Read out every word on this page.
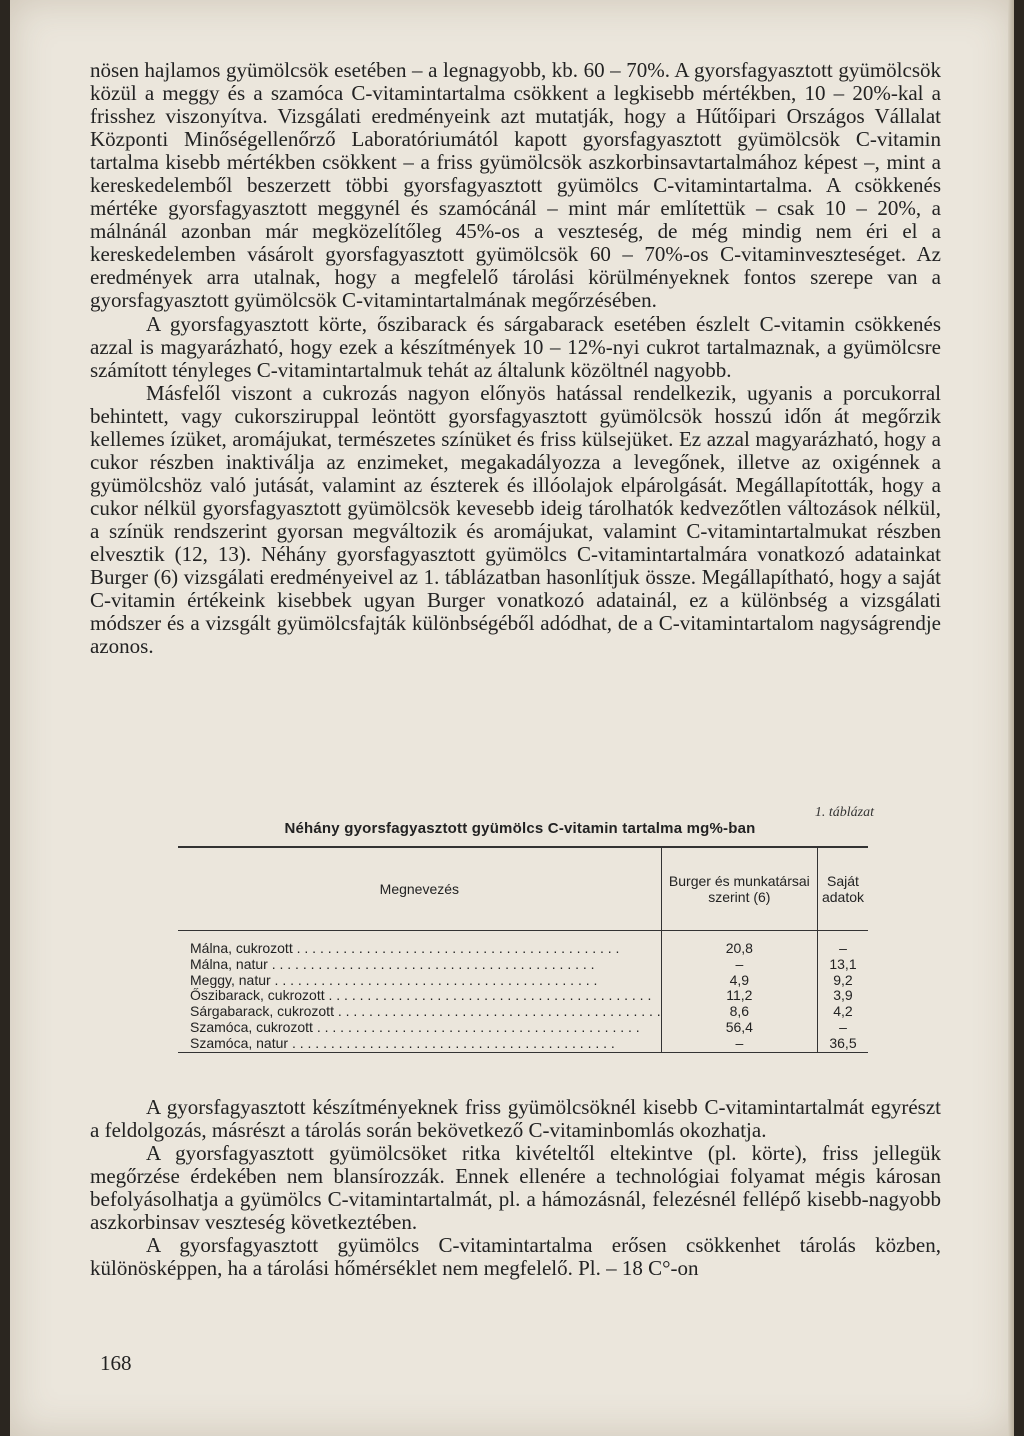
nösen hajlamos gyümölcsök esetében – a legnagyobb, kb. 60 – 70%. A gyorsfagyasztott gyümölcsök közül a meggy és a szamóca C-vitamintartalma csökkent a legkisebb mértékben, 10 – 20%-kal a frisshez viszonyítva. Vizsgálati eredményeink azt mutatják, hogy a Hűtőipari Országos Vállalat Központi Minőségellenőrző Laboratóriumától kapott gyorsfagyasztott gyümölcsök C-vitamin tartalma kisebb mértékben csökkent – a friss gyümölcsök aszkorbinsavtartalmához képest –, mint a kereskedelemből beszerzett többi gyorsfagyasztott gyümölcs C-vitamintartalma. A csökkenés mértéke gyorsfagyasztott meggynél és szamócánál – mint már említettük – csak 10 – 20%, a málnánál azonban már megközelítőleg 45%-os a veszteség, de még mindig nem éri el a kereskedelemben vásárolt gyorsfagyasztott gyümölcsök 60 – 70%-os C-vitaminveszteséget. Az eredmények arra utalnak, hogy a megfelelő tárolási körülményeknek fontos szerepe van a gyorsfagyasztott gyümölcsök C-vitamintartalmának megőrzésében.

A gyorsfagyasztott körte, őszibarack és sárgabarack esetében észlelt C-vitamin csökkenés azzal is magyarázható, hogy ezek a készítmények 10 – 12%-nyi cukrot tartalmaznak, a gyümölcsre számított tényleges C-vitamintartalmuk tehát az általunk közöltnél nagyobb.

Másfelől viszont a cukrozás nagyon előnyös hatással rendelkezik, ugyanis a porcukorral behintett, vagy cukorsziruppal leöntött gyorsfagyasztott gyümölcsök hosszú időn át megőrzik kellemes ízüket, aromájukat, természetes színüket és friss külsejüket. Ez azzal magyarázható, hogy a cukor részben inaktiválja az enzimeket, megakadályozza a levegőnek, illetve az oxigénnek a gyümölcshöz való jutását, valamint az észterek és illóolajok elpárolgását. Megállapították, hogy a cukor nélkül gyorsfagyasztott gyümölcsök kevesebb ideig tárolhatók kedvezőtlen változások nélkül, a színük rendszerint gyorsan megváltozik és aromájukat, valamint C-vitamintartalmukat részben elvesztik (12, 13). Néhány gyorsfagyasztott gyümölcs C-vitamintartalmára vonatkozó adatainkat Burger (6) vizsgálati eredményeivel az 1. táblázatban hasonlítjuk össze. Megállapítható, hogy a saját C-vitamin értékeink kisebbek ugyan Burger vonatkozó adatainál, ez a különbség a vizsgálati módszer és a vizsgált gyümölcsfajták különbségéből adódhat, de a C-vitamintartalom nagyságrendje azonos.

1. táblázat
Néhány gyorsfagyasztott gyümölcs C-vitamin tartalma mg%-ban
Megnevezés	Burger és munkatársai szerint (6)	Saját adatok
Málna, cukrozott . . .	20,8	–
Málna, natur . . .	–	13,1
Meggy, natur . . .	4,9	9,2
Őszibarack, cukrozott . . .	11,2	3,9
Sárgabarack, cukrozott . . .	8,6	4,2
Szamóca, cukrozott . . .	56,4	–
Szamóca, natur . . .	–	36,5

A gyorsfagyasztott készítményeknek friss gyümölcsöknél kisebb C-vitamintartalmát egyrészt a feldolgozás, másrészt a tárolás során bekövetkező C-vitaminbomlás okozhatja.

A gyorsfagyasztott gyümölcsöket ritka kivételtől eltekintve (pl. körte), friss jellegük megőrzése érdekében nem blansírozzák. Ennek ellenére a technológiai folyamat mégis károsan befolyásolhatja a gyümölcs C-vitamintartalmát, pl. a hámozásnál, felezésnél fellépő kisebb-nagyobb aszkorbinsav veszteség következtében.

A gyorsfagyasztott gyümölcs C-vitamintartalma erősen csökkenhet tárolás közben, különösképpen, ha a tárolási hőmérséklet nem megfelelő. Pl. – 18 C°-on

168
